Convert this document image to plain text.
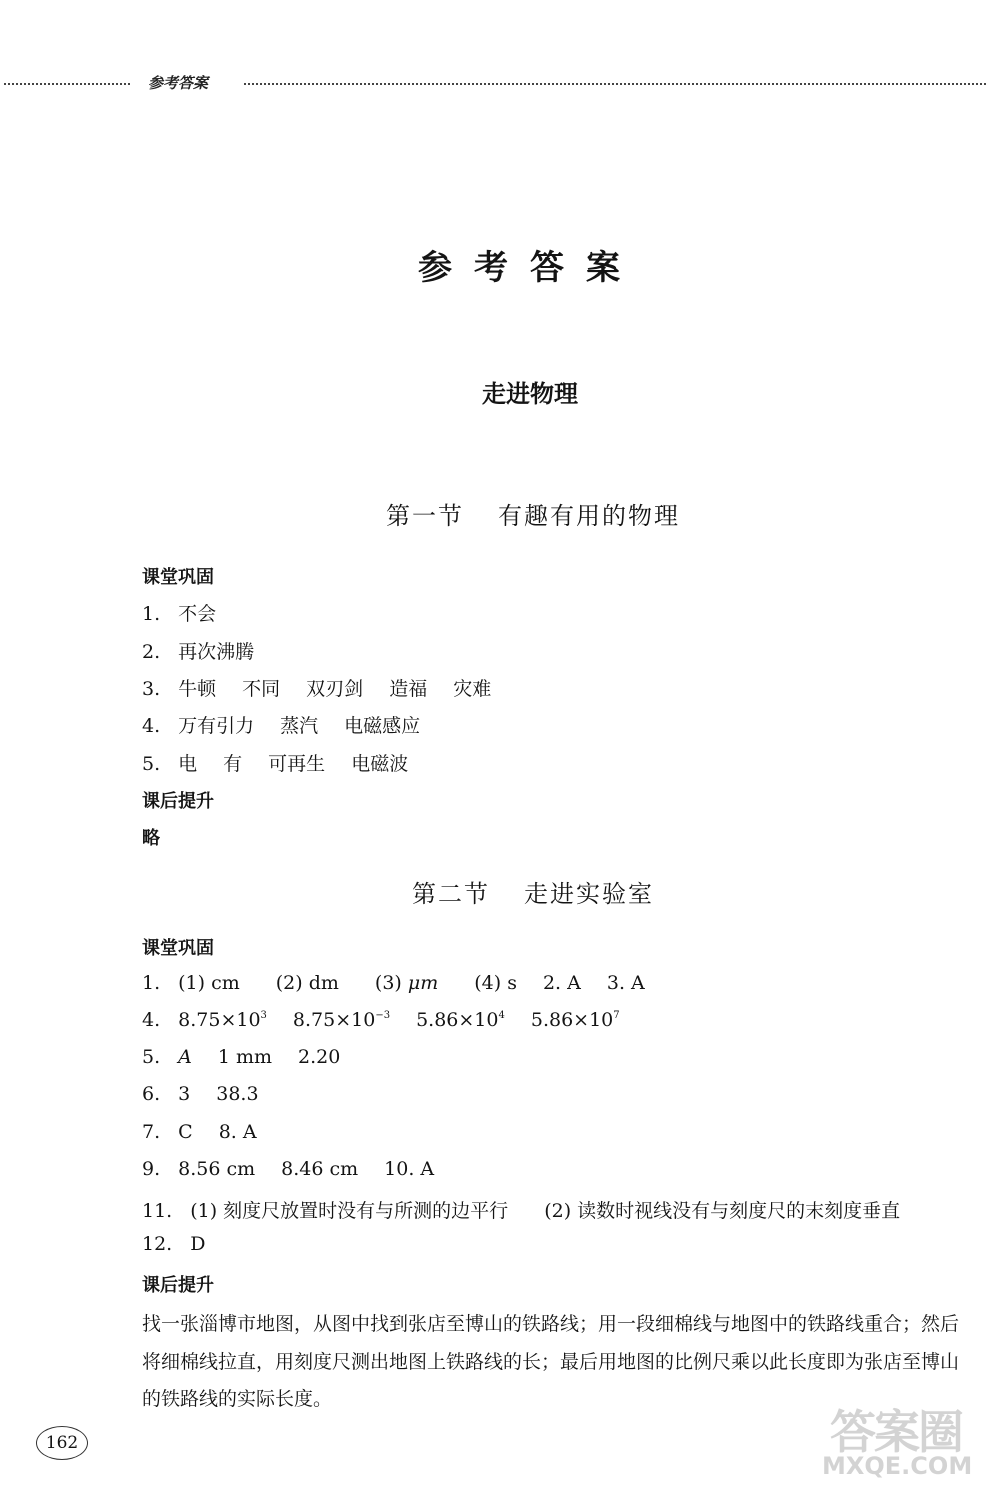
参考答案
参考答案
走进物理
第一节 有趣有用的物理
课堂巩固
1. 不会
2. 再次沸腾
3. 牛顿 不同 双刃剑 造福 灾难
4. 万有引力 蒸汽 电磁感应
5. 电 有 可再生 电磁波
课后提升
略
第二节 走进实验室
课堂巩固
1. (1) cm (2) dm (3) μm (4) s 2. A 3. A
4. $8.75\times 10^3$ $8.75\times 10^{-3}$ $5.86\times 10^4$ $5.86\times 10^7$
5. A 1 mm 2.20
6. 3 38.3
7. C 8. A
9. 8.56 cm 8.46 cm 10. A
11. (1) 刻度尺放置时没有与所测的边平行 (2) 读数时视线没有与刻度尺的末刻度垂直
12. D
课后提升
找一张淄博市地图，从图中找到张店至博山的铁路线；用一段细棉线与地图中的铁路线重合；然后将细棉线拉直，用刻度尺测出地图上铁路线的长；最后用地图的比例尺乘以此长度即为张店至博山的铁路线的实际长度。
162	答案圈
MXQE.COM
